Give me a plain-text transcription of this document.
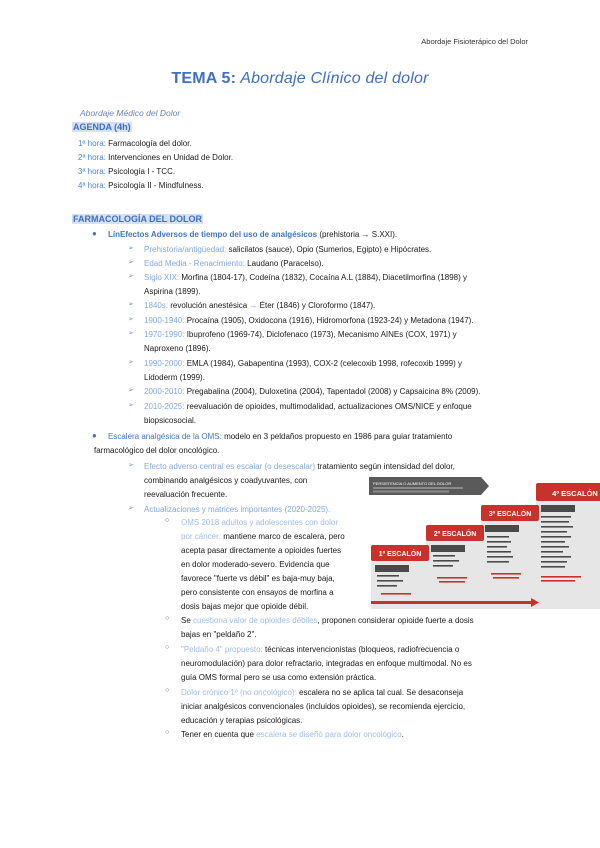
Abordaje Fisioterápico del Dolor
TEMA 5: Abordaje Clínico del dolor
Abordaje Médico del Dolor
AGENDA (4h)
1ª hora: Farmacología del dolor.
2ª hora: Intervenciones en Unidad de Dolor.
3ª hora: Psicología I - TCC.
4ª hora: Psicología II - Mindfulness.
FARMACOLOGÍA DEL DOLOR
● LínEfectos Adversos de tiempo del uso de analgésicos (prehistoria → S.XXI).
➢ Prehistoria/antigüedad: salicilatos (sauce), Opio (Sumerios, Egipto) e Hipócrates.
➢ Edad Media - Renacimiento: Laudano (Paracelso).
➢ Siglo XIX: Morfina (1804-17), Codeína (1832), Cocaína A.L (1884), Diacetilmorfina (1898) y
Aspirina (1899).
➢ 1840s: revolución anestésica → Éter (1846) y Cloroformo (1847).
➢ 1900-1940: Procaína (1905), Oxidocona (1916), Hidromorfona (1923-24) y Metadona (1947).
➢ 1970-1990: Ibuprofeno (1969-74), Diclofenaco (1973), Mecanismo AINEs (COX, 1971) y
Naproxeno (1896).
➢ 1990-2000: EMLA (1984), Gabapentina (1993), COX-2 (celecoxib 1998, rofecoxib 1999) y
Lidoderm (1999).
➢ 2000-2010: Pregabalina (2004), Duloxetina (2004), Tapentadol (2008) y Capsaicina 8% (2009).
➢ 2010-2025: reevaluación de opioides, multimodalidad, actualizaciones OMS/NICE y enfoque
biopsicosocial.
● Escalera analgésica de la OMS: modelo en 3 peldaños propuesto en 1986 para guiar tratamiento
farmacológico del dolor oncológico.
➢ Efecto adverso central es escalar (o desescalar) tratamiento según intensidad del dolor,
combinando analgésicos y coadyuvantes, con
reevaluación frecuente.
➢ Actualizaciones y matrices importantes (2020-2025).
○ OMS 2018 adultos y adolescentes con dolor
por cáncer: mantiene marco de escalera, pero
acepta pasar directamente a opioides fuertes
en dolor moderado-severo. Evidencia que
favorece "fuerte vs débil" es baja-muy baja,
pero consistente con ensayos de morfina a
dosis bajas mejor que opioide débil.
○ Se cuestiona valor de opioides débiles, proponen considerar opioide fuerte a dosis
bajas en "peldaño 2".
○ "Peldaño 4" propuesto: técnicas intervencionistas (bloqueos, radiofrecuencia o
neuromodulación) para dolor refractario, integradas en enfoque multimodal. No es
guía OMS formal pero se usa como extensión práctica.
○ Dolor crónico 1º (no oncológico): escalera no se aplica tal cual. Se desaconseja
iniciar analgésicos convencionales (incluidos opioides), se recomienda ejercicio,
educación y terapias psicológicas.
○ Tener en cuenta que escalera se diseñó para dolor oncológico.
PERSISTENCIA O AUMENTO DEL DOLOR
4º ESCALÓN
3º ESCALÓN
2º ESCALÓN
1º ESCALÓN
